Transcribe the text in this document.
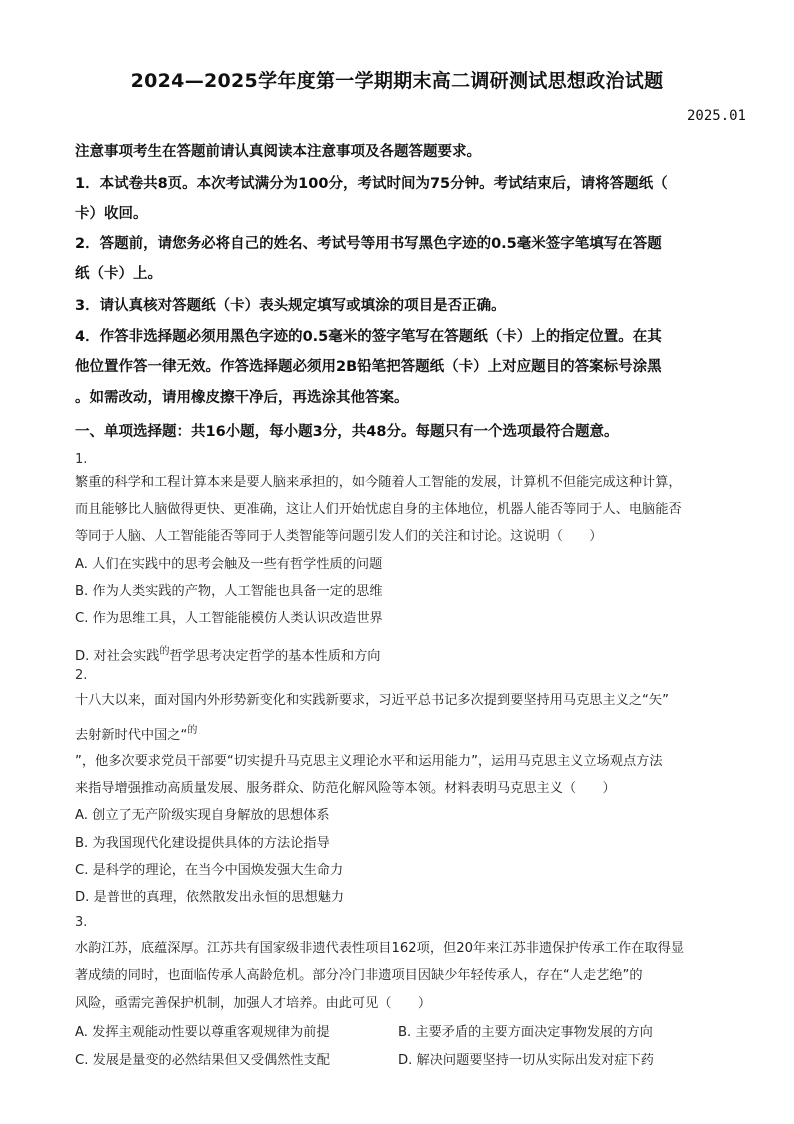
2024—2025学年度第一学期期末高二调研测试思想政治试题
2025.01
注意事项考生在答题前请认真阅读本注意事项及各题答题要求。
1．本试卷共8页。本次考试满分为100分，考试时间为75分钟。考试结束后，请将答题纸（
卡）收回。
2．答题前，请您务必将自己的姓名、考试号等用书写黑色字迹的0.5毫米签字笔填写在答题
纸（卡）上。
3．请认真核对答题纸（卡）表头规定填写或填涂的项目是否正确。
4．作答非选择题必须用黑色字迹的0.5毫米的签字笔写在答题纸（卡）上的指定位置。在其
他位置作答一律无效。作答选择题必须用2B铅笔把答题纸（卡）上对应题目的答案标号涂黑
。如需改动，请用橡皮擦干净后，再选涂其他答案。
一、单项选择题：共16小题，每小题3分，共48分。每题只有一个选项最符合题意。
1.
繁重的科学和工程计算本来是要人脑来承担的，如今随着人工智能的发展，计算机不但能完成这种计算，
而且能够比人脑做得更快、更准确，这让人们开始忧虑自身的主体地位，机器人能否等同于人、电脑能否
等同于人脑、人工智能能否等同于人类智能等问题引发人们的关注和讨论。这说明（　　）
A. 人们在实践中的思考会触及一些有哲学性质的问题
B. 作为人类实践的产物，人工智能也具备一定的思维
C. 作为思维工具，人工智能能模仿人类认识改造世界
D. 对社会实践$^的$哲学思考决定哲学的基本性质和方向
2.
十八大以来，面对国内外形势新变化和实践新要求，习近平总书记多次提到要坚持用马克思主义之“矢”
去射新时代中国之“$^的$
”，他多次要求党员干部要“切实提升马克思主义理论水平和运用能力”，运用马克思主义立场观点方法
来指导增强推动高质量发展、服务群众、防范化解风险等本领。材料表明马克思主义（　　）
A. 创立了无产阶级实现自身解放的思想体系
B. 为我国现代化建设提供具体的方法论指导
C. 是科学的理论，在当今中国焕发强大生命力
D. 是普世的真理，依然散发出永恒的思想魅力
3.
水韵江苏，底蕴深厚。江苏共有国家级非遗代表性项目162项，但20年来江苏非遗保护传承工作在取得显
著成绩的同时，也面临传承人高龄危机。部分冷门非遗项目因缺少年轻传承人，存在“人走艺绝”的
风险，亟需完善保护机制，加强人才培养。由此可见（　　）
A. 发挥主观能动性要以尊重客观规律为前提	B. 主要矛盾的主要方面决定事物发展的方向
C. 发展是量变的必然结果但又受偶然性支配	D. 解决问题要坚持一切从实际出发对症下药
